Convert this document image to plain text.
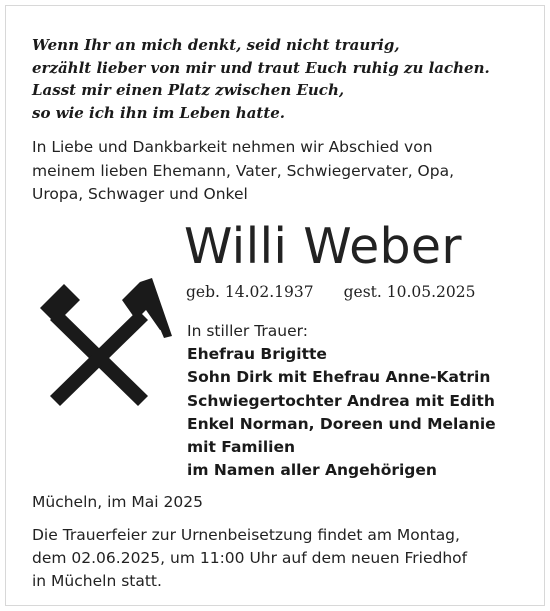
Wenn Ihr an mich denkt, seid nicht traurig,
erzählt lieber von mir und traut Euch ruhig zu lachen.
Lasst mir einen Platz zwischen Euch,
so wie ich ihn im Leben hatte.
In Liebe und Dankbarkeit nehmen wir Abschied von
meinem lieben Ehemann, Vater, Schwiegervater, Opa,
Uropa, Schwager und Onkel
Willi Weber
geb. 14.02.1937 gest. 10.05.2025
In stiller Trauer:
Ehefrau Brigitte
Sohn Dirk mit Ehefrau Anne-Katrin
Schwiegertochter Andrea mit Edith
Enkel Norman, Doreen und Melanie
mit Familien
im Namen aller Angehörigen
Mücheln, im Mai 2025
Die Trauerfeier zur Urnenbeisetzung findet am Montag,
dem 02.06.2025, um 11:00 Uhr auf dem neuen Friedhof
in Mücheln statt.
